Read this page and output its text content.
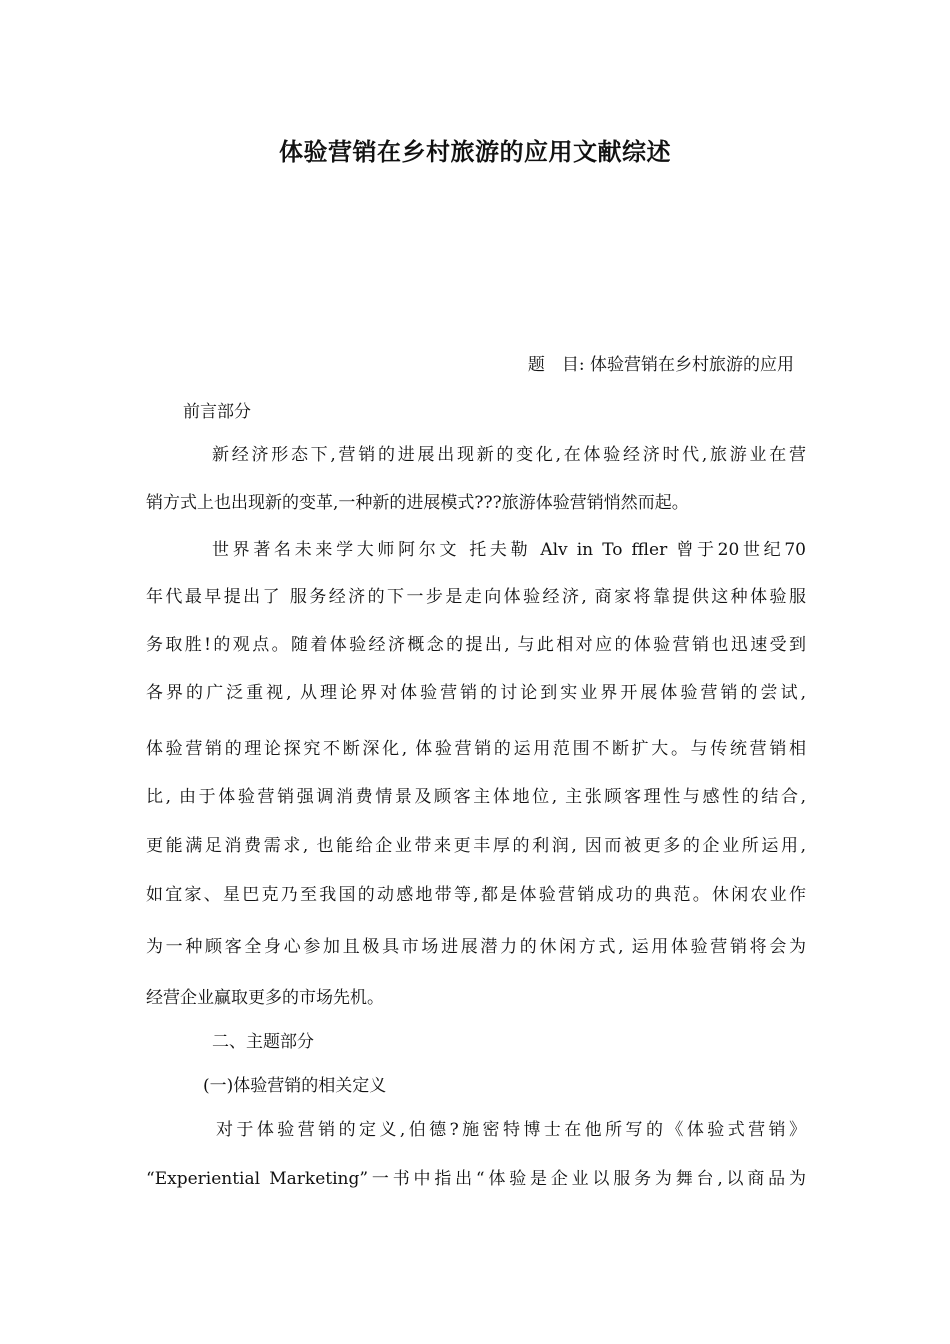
体验营销在乡村旅游的应用文献综述
题　目: 体验营销在乡村旅游的应用
前言部分
新经济形态下,营销的进展出现新的变化,在体验经济时代,旅游业在营
销方式上也出现新的变革,一种新的进展模式???旅游体验营销悄然而起。
世界著名未来学大师阿尔文 托夫勒 Alv in To ffler 曾于20世纪70
年代最早提出了 服务经济的下一步是走向体验经济, 商家将靠提供这种体验服
务取胜!的观点。随着体验经济概念的提出, 与此相对应的体验营销也迅速受到
各界的广泛重视, 从理论界对体验营销的讨论到实业界开展体验营销的尝试,
体验营销的理论探究不断深化, 体验营销的运用范围不断扩大。与传统营销相
比, 由于体验营销强调消费情景及顾客主体地位, 主张顾客理性与感性的结合,
更能满足消费需求, 也能给企业带来更丰厚的利润, 因而被更多的企业所运用,
如宜家、星巴克乃至我国的动感地带等,都是体验营销成功的典范。休闲农业作
为一种顾客全身心参加且极具市场进展潜力的休闲方式, 运用体验营销将会为
经营企业赢取更多的市场先机。
二、主题部分
(一)体验营销的相关定义
对于体验营销的定义,伯德?施密特博士在他所写的《体验式营销》
“Experiential Marketing”一书中指出“体验是企业以服务为舞台,以商品为
